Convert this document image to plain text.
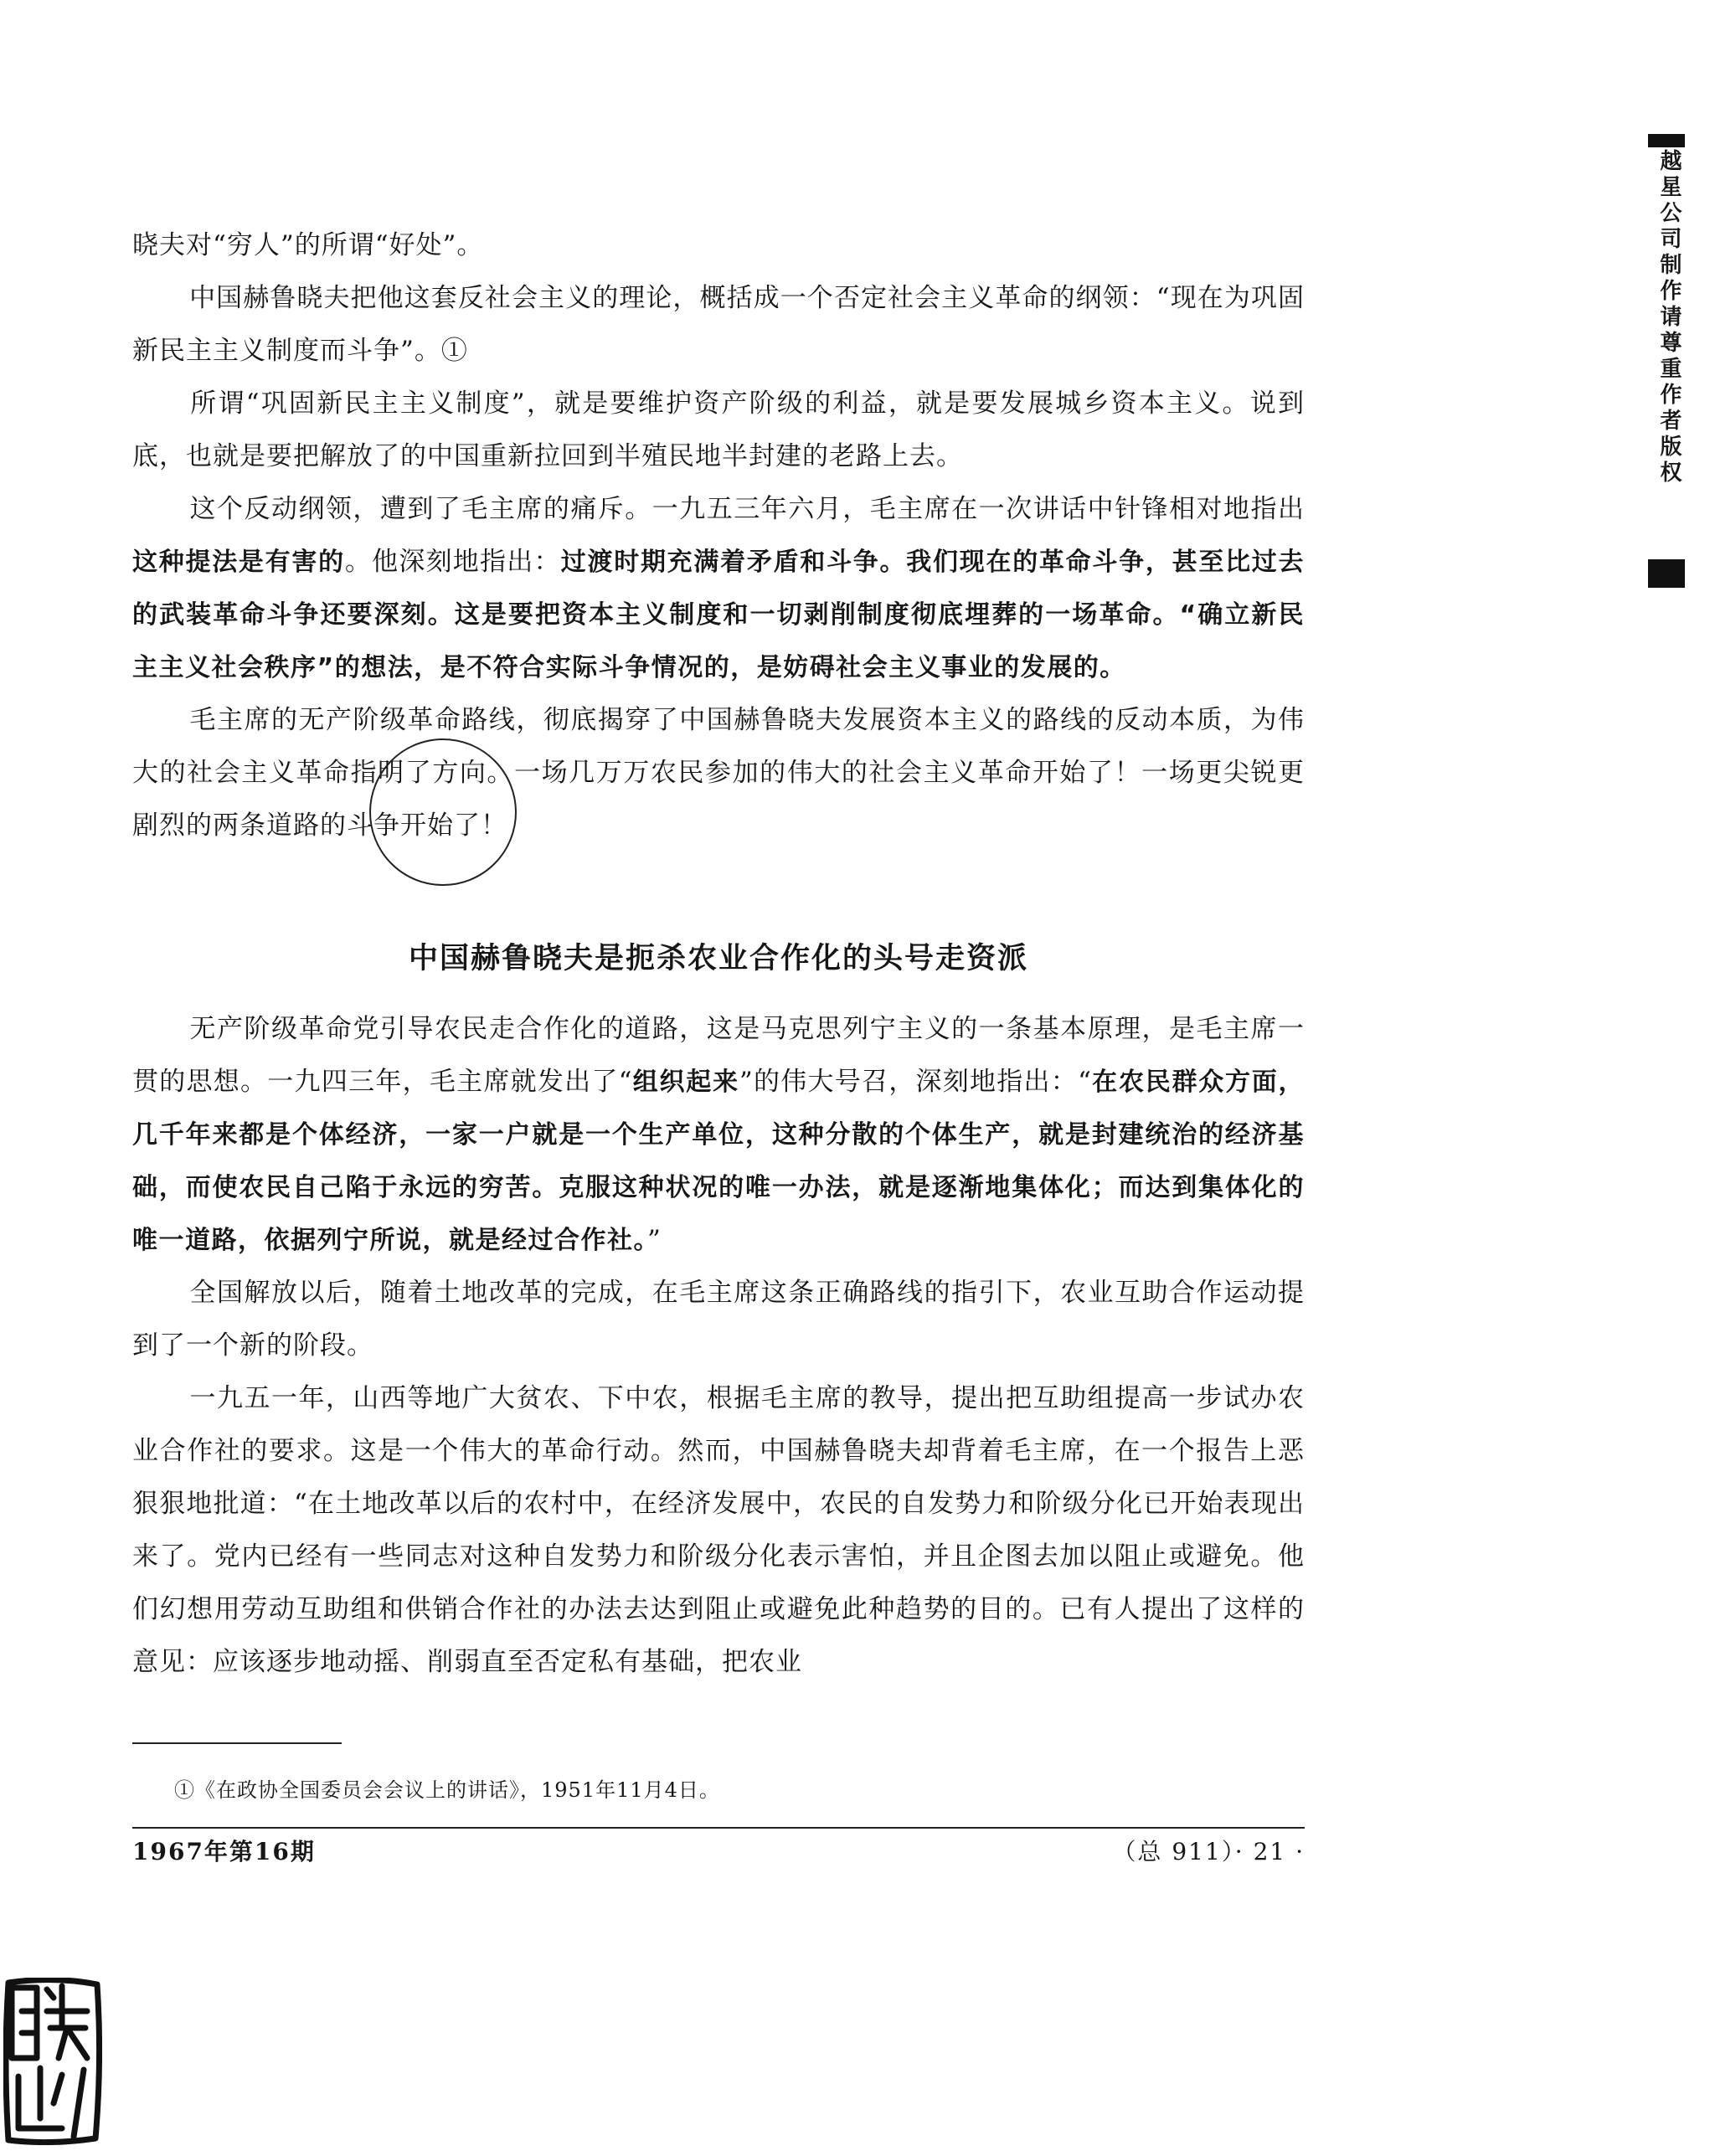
晓夫对“穷人”的所谓“好处”。

中国赫鲁晓夫把他这套反社会主义的理论，概括成一个否定社会主义革命的纲领：“现在为巩固新民主主义制度而斗争”。①

所谓“巩固新民主主义制度”，就是要维护资产阶级的利益，就是要发展城乡资本主义。说到底，也就是要把解放了的中国重新拉回到半殖民地半封建的老路上去。

这个反动纲领，遭到了毛主席的痛斥。一九五三年六月，毛主席在一次讲话中针锋相对地指出这种提法是有害的。他深刻地指出：过渡时期充满着矛盾和斗争。我们现在的革命斗争，甚至比过去的武装革命斗争还要深刻。这是要把资本主义制度和一切剥削制度彻底埋葬的一场革命。“确立新民主主义社会秩序”的想法，是不符合实际斗争情况的，是妨碍社会主义事业的发展的。

毛主席的无产阶级革命路线，彻底揭穿了中国赫鲁晓夫发展资本主义的路线的反动本质，为伟大的社会主义革命指明了方向。一场几万万农民参加的伟大的社会主义革命开始了！一场更尖锐更剧烈的两条道路的斗争开始了！

中国赫鲁晓夫是扼杀农业合作化的头号走资派

无产阶级革命党引导农民走合作化的道路，这是马克思列宁主义的一条基本原理，是毛主席一贯的思想。一九四三年，毛主席就发出了“组织起来”的伟大号召，深刻地指出：“在农民群众方面，几千年来都是个体经济，一家一户就是一个生产单位，这种分散的个体生产，就是封建统治的经济基础，而使农民自己陷于永远的穷苦。克服这种状况的唯一办法，就是逐渐地集体化；而达到集体化的唯一道路，依据列宁所说，就是经过合作社。”

全国解放以后，随着土地改革的完成，在毛主席这条正确路线的指引下，农业互助合作运动提到了一个新的阶段。

一九五一年，山西等地广大贫农、下中农，根据毛主席的教导，提出把互助组提高一步试办农业合作社的要求。这是一个伟大的革命行动。然而，中国赫鲁晓夫却背着毛主席，在一个报告上恶狠狠地批道：“在土地改革以后的农村中，在经济发展中，农民的自发势力和阶级分化已开始表现出来了。党内已经有一些同志对这种自发势力和阶级分化表示害怕，并且企图去加以阻止或避免。他们幻想用劳动互助组和供销合作社的办法去达到阻止或避免此种趋势的目的。已有人提出了这样的意见：应该逐步地动摇、削弱直至否定私有基础，把农业

①《在政协全国委员会会议上的讲话》，1951年11月4日。
1967年第16期	（总 911）· 21 ·
越星公司制作请尊重作者版权
